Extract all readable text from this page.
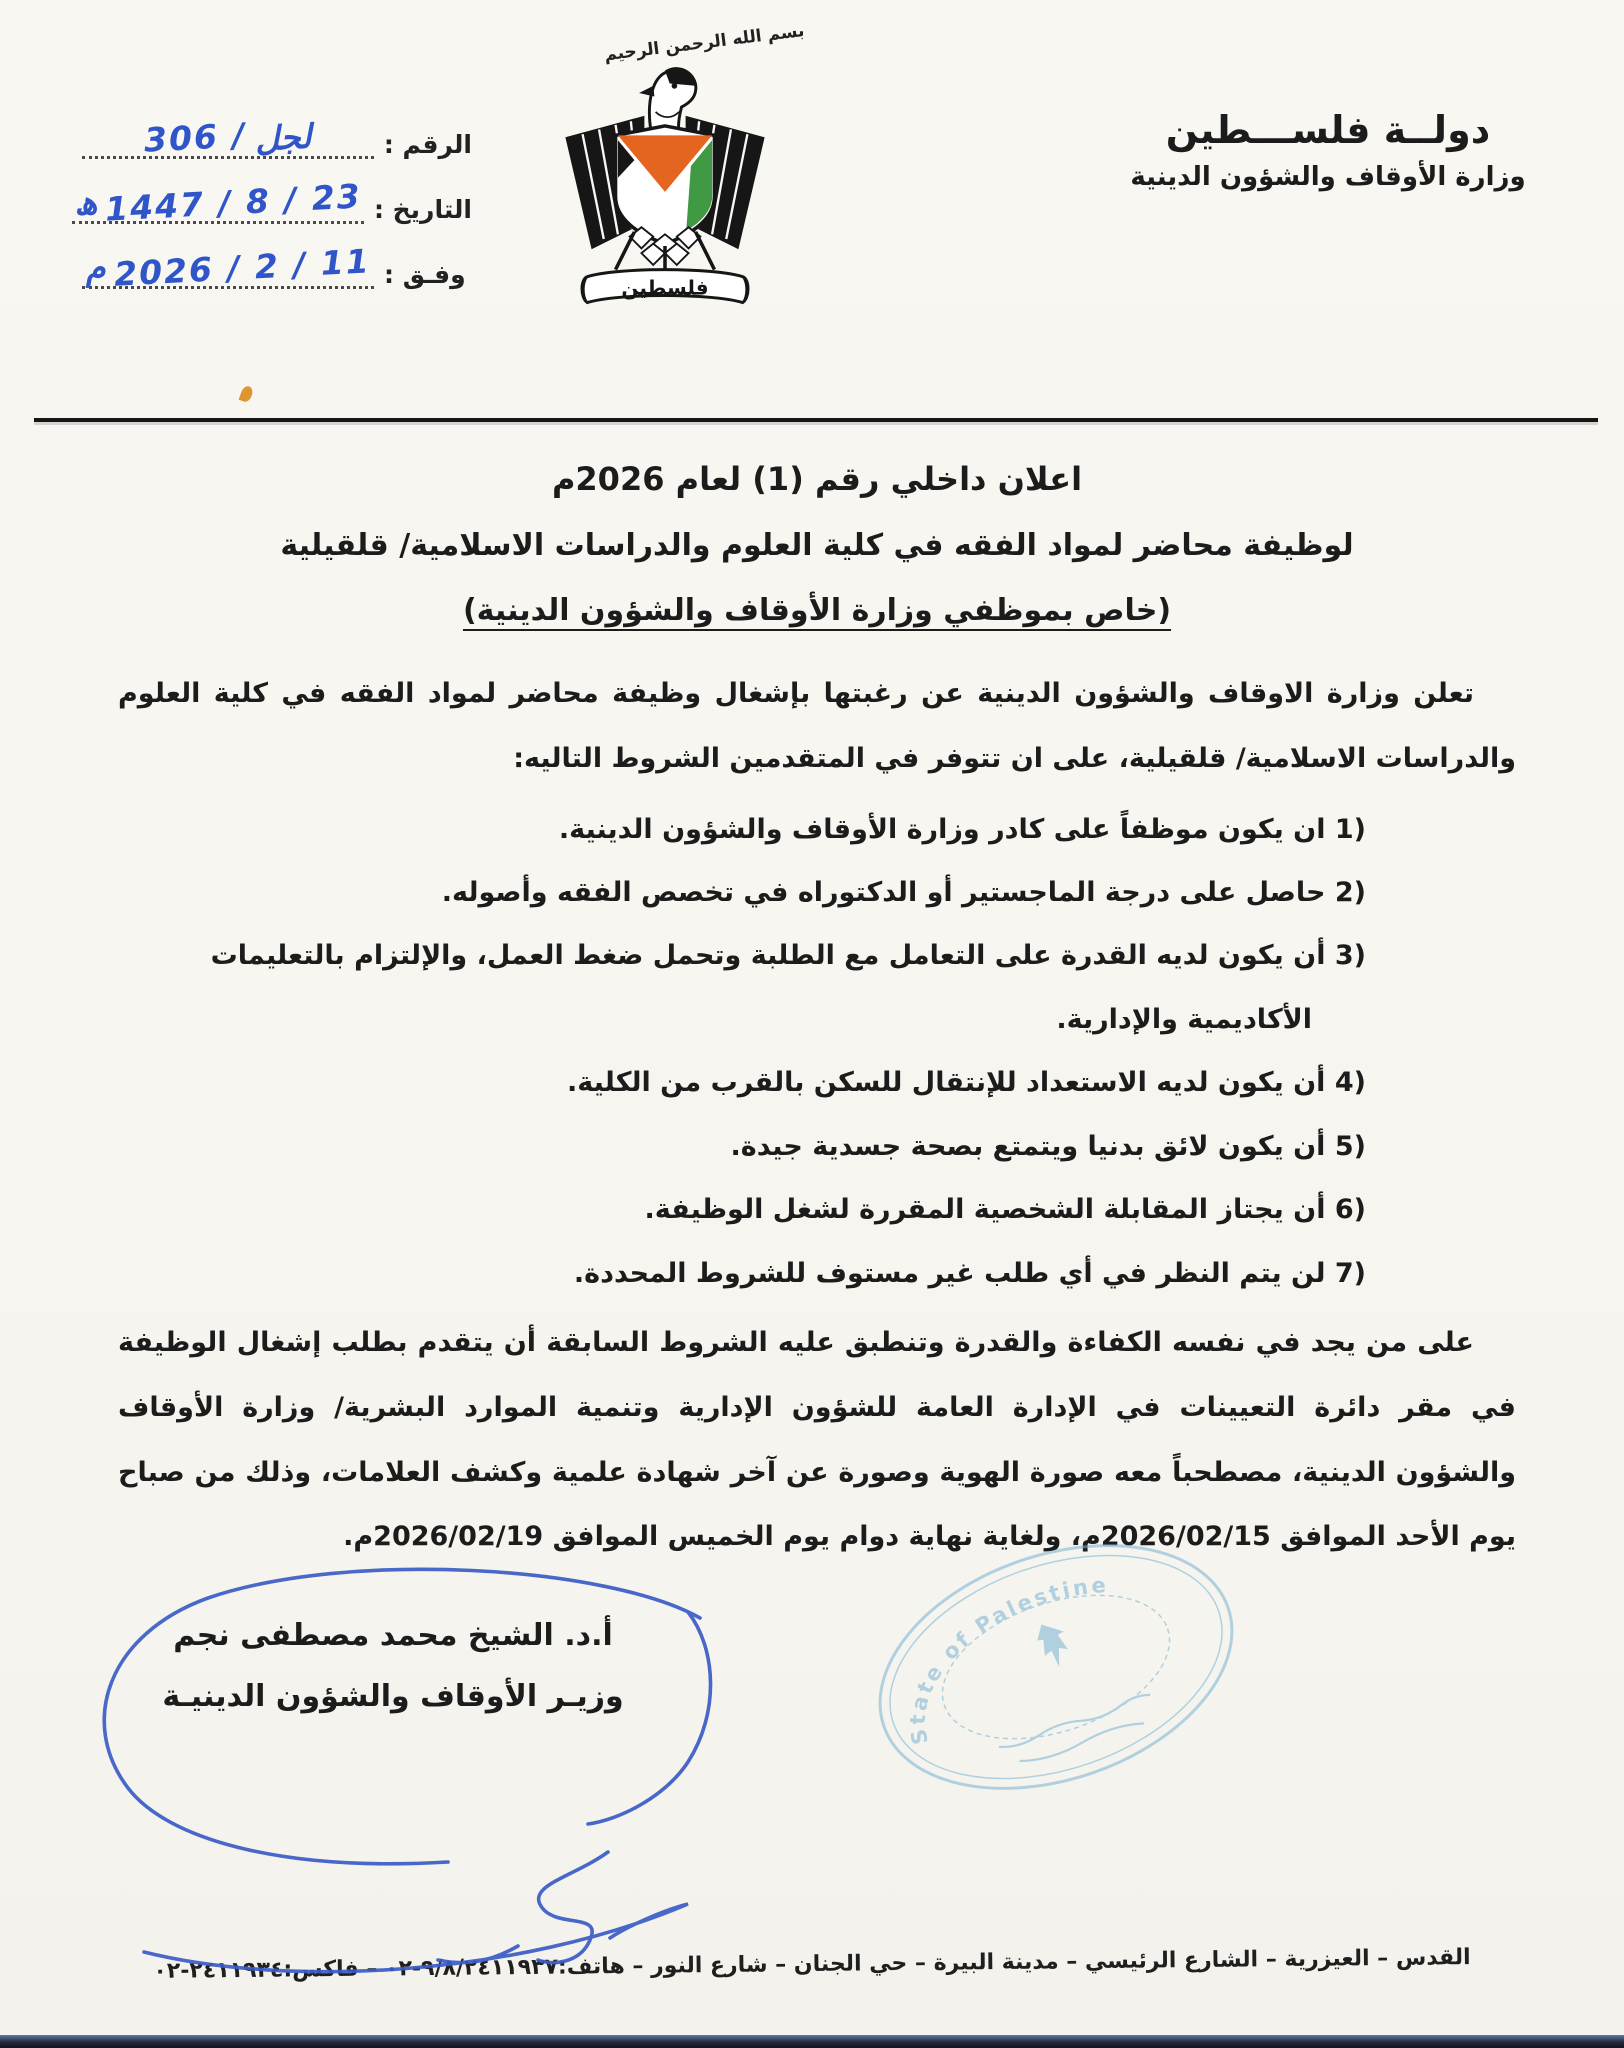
الرقم :
306 / لجل
التاريخ :
ھ 1447 / 8 / 23
وفـق :
م 2026 / 2 / 11
بسم الله الرحمن الرحيم
فلسطين
دولــة فلســـطين
وزارة الأوقاف والشؤون الدينية
اعلان داخلي رقم (1) لعام 2026م
لوظيفة محاضر لمواد الفقه في كلية العلوم والدراسات الاسلامية/ قلقيلية
(خاص بموظفي وزارة الأوقاف والشؤون الدينية)

تعلن وزارة الاوقاف والشؤون الدينية عن رغبتها بإشغال وظيفة محاضر لمواد الفقه في كلية العلوم والدراسات الاسلامية/ قلقيلية، على ان تتوفر في المتقدمين الشروط التاليه:

1) ان يكون موظفاً على كادر وزارة الأوقاف والشؤون الدينية.
2) حاصل على درجة الماجستير أو الدكتوراه في تخصص الفقه وأصوله.
3) أن يكون لديه القدرة على التعامل مع الطلبة وتحمل ضغط العمل، والإلتزام بالتعليمات الأكاديمية والإدارية.
4) أن يكون لديه الاستعداد للإنتقال للسكن بالقرب من الكلية.
5) أن يكون لائق بدنيا ويتمتع بصحة جسدية جيدة.
6) أن يجتاز المقابلة الشخصية المقررة لشغل الوظيفة.
7) لن يتم النظر في أي طلب غير مستوف للشروط المحددة.

على من يجد في نفسه الكفاءة والقدرة وتنطبق عليه الشروط السابقة أن يتقدم بطلب إشغال الوظيفة في مقر دائرة التعيينات في الإدارة العامة للشؤون الإدارية وتنمية الموارد البشرية/ وزارة الأوقاف والشؤون الدينية، مصطحباً معه صورة الهوية وصورة عن آخر شهادة علمية وكشف العلامات، وذلك من صباح يوم الأحد الموافق 2026/02/15م، ولغاية نهاية دوام يوم الخميس الموافق 2026/02/19م.

أ.د. الشيخ محمد مصطفى نجم
وزيـر الأوقاف والشؤون الدينيـة
State of Palestine
القدس – العيزرية – الشارع الرئيسي – مدينة البيرة – حي الجنان – شارع النور – هاتف:٩/٨/٢٤١١٩٣٧-٠٢ – فاكس:٢٤١١٩٣٤-٠٢
